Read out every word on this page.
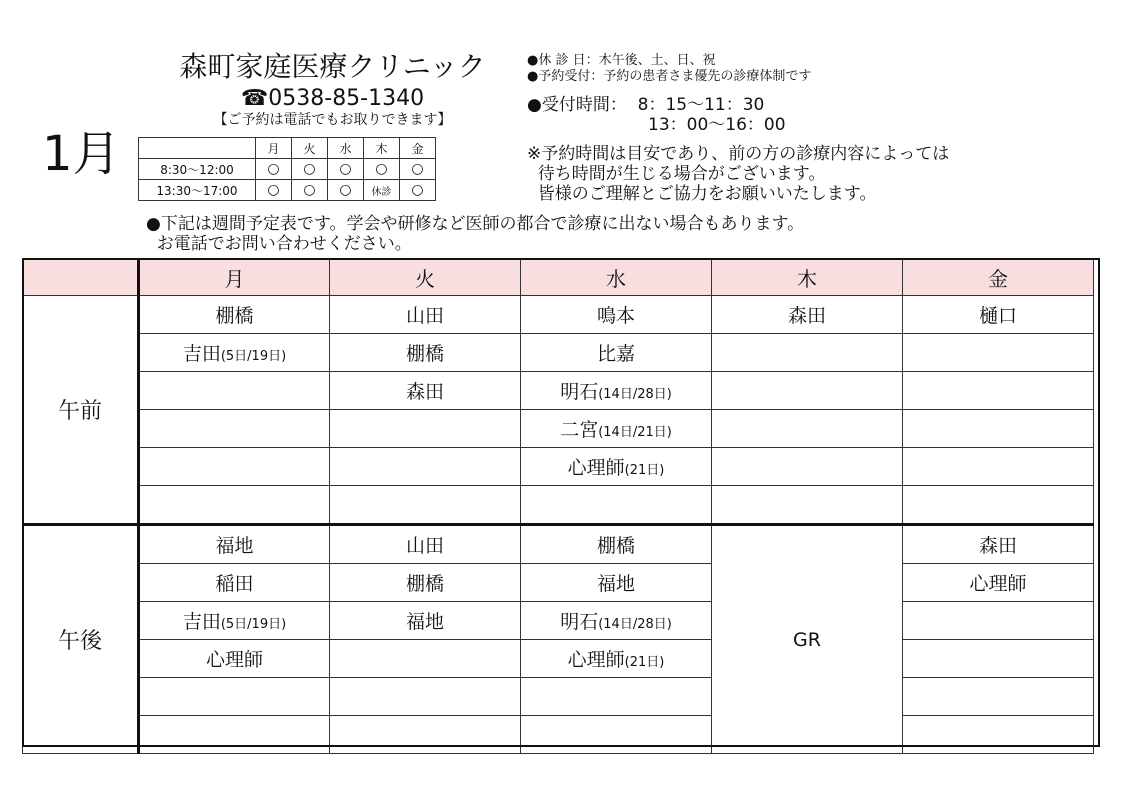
1月
森町家庭医療クリニック
☎0538-85-1340
【ご予約は電話でもお取りできます】
●休 診 日：木午後、土、日、祝
●予約受付：予約の患者さま優先の診療体制です
●受付時間：  8：15～11：30
13：00～16：00
※予約時間は目安であり、前の方の診療内容によっては
待ち時間が生じる場合がございます。
皆様のご理解とご協力をお願いいたします。
	月	火	水	木	金
8:30～12:00	○	○	○	○	○
13:30～17:00	○	○	○	休診	○
●下記は週間予定表です。学会や研修など医師の都合で診療に出ない場合もあります。
お電話でお問い合わせください。
	月	火	水	木	金
午前	棚橋	山田	鳴本	森田	樋口
	吉田(5日/19日)	棚橋	比嘉		
		森田	明石(14日/28日)		
			二宮(14日/21日)		
			心理師(21日)		

午後	福地	山田	棚橋	GR	森田
	稲田	棚橋	福地		心理師
	吉田(5日/19日)	福地	明石(14日/28日)		
	心理師		心理師(21日)		
